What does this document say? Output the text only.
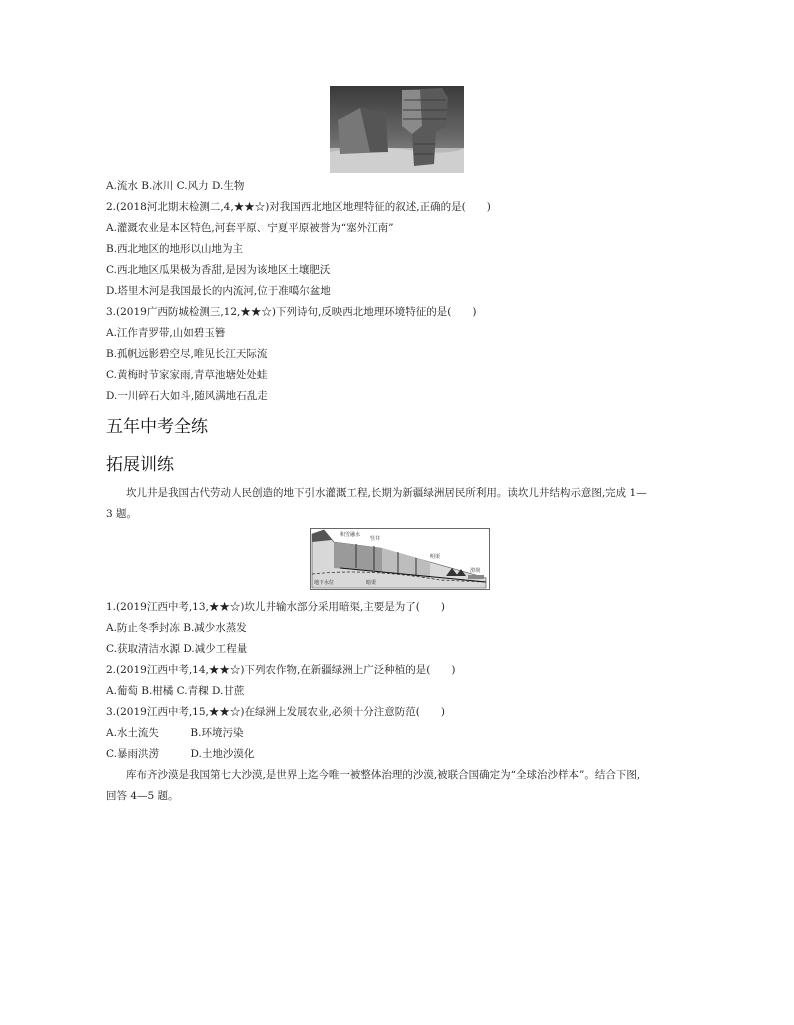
A.流水 B.冰川 C.风力 D.生物
2.(2018河北期末检测二,4,★★☆)对我国西北地区地理特征的叙述,正确的是(　　)
A.灌溉农业是本区特色,河套平原、宁夏平原被誉为“塞外江南”
B.西北地区的地形以山地为主
C.西北地区瓜果极为香甜,是因为该地区土壤肥沃
D.塔里木河是我国最长的内流河,位于准噶尔盆地
3.(2019广西防城检测三,12,★★☆)下列诗句,反映西北地理环境特征的是(　　)
A.江作青罗带,山如碧玉簪
B.孤帆远影碧空尽,唯见长江天际流
C.黄梅时节家家雨,青草池塘处处蛙
D.一川碎石大如斗,随风满地石乱走
五年中考全练
拓展训练
坎儿井是我国古代劳动人民创造的地下引水灌溉工程,长期为新疆绿洲居民所利用。读坎儿井结构示意图,完成 1—
3 题。
积雪融水
竖井
地下水位	暗渠
明渠
涝坝
1.(2019江西中考,13,★★☆)坎儿井输水部分采用暗渠,主要是为了(　　)
A.防止冬季封冻 B.减少水蒸发
C.获取清洁水源 D.减少工程量
2.(2019江西中考,14,★★☆)下列农作物,在新疆绿洲上广泛种植的是(　　)
A.葡萄 B.柑橘 C.青稞 D.甘蔗
3.(2019江西中考,15,★★☆)在绿洲上发展农业,必须十分注意防范(　　)
A.水土流失　　　B.环境污染
C.暴雨洪涝　　　D.土地沙漠化
库布齐沙漠是我国第七大沙漠,是世界上迄今唯一被整体治理的沙漠,被联合国确定为“全球治沙样本”。结合下图,
回答 4—5 题。
